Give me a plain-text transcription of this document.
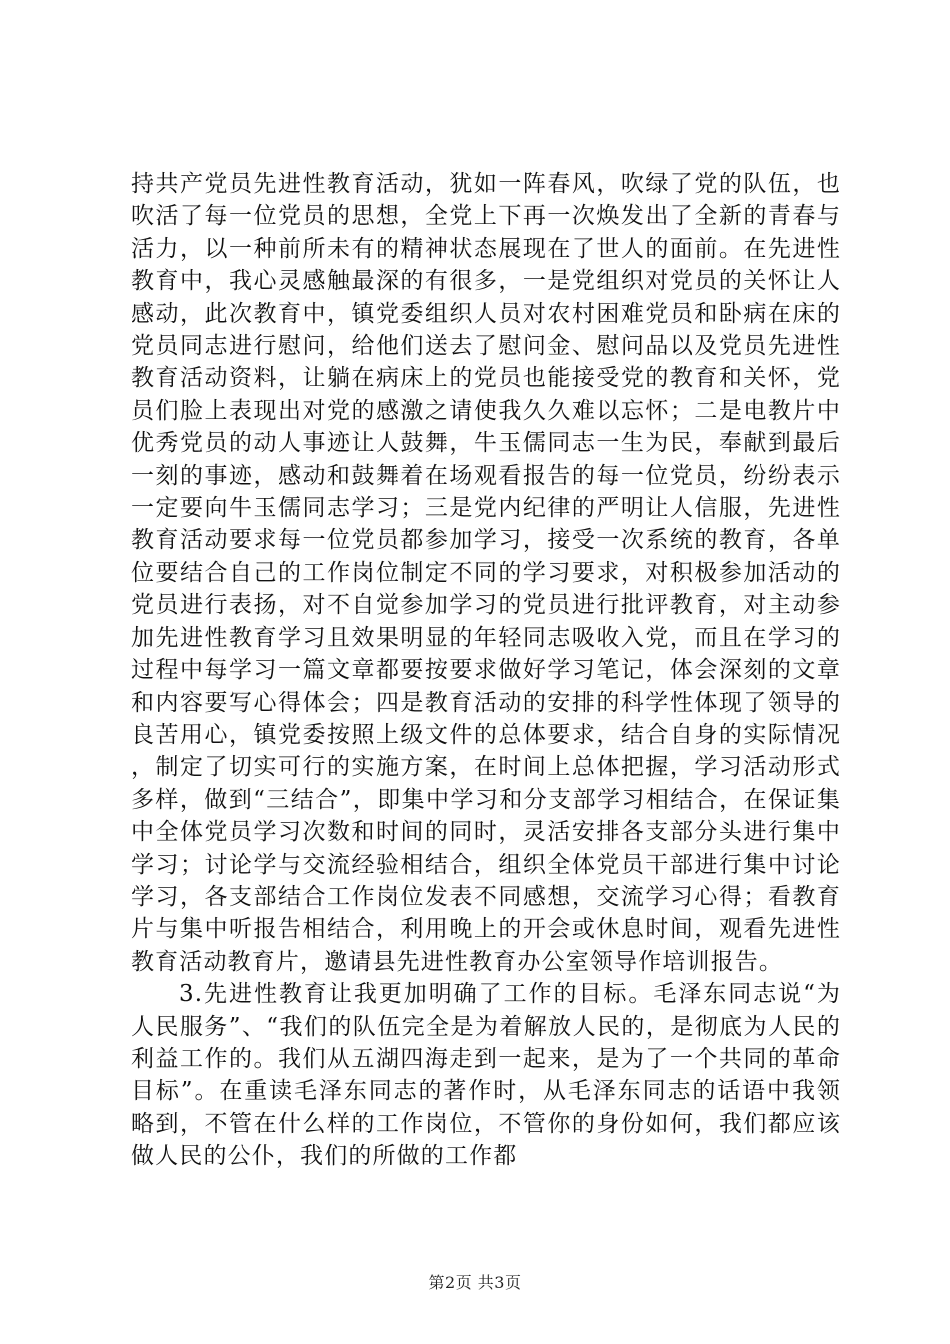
持共产党员先进性教育活动，犹如一阵春风，吹绿了党的队伍，也吹活了每一位党员的思想，全党上下再一次焕发出了全新的青春与活力，以一种前所未有的精神状态展现在了世人的面前。在先进性教育中，我心灵感触最深的有很多，一是党组织对党员的关怀让人感动，此次教育中，镇党委组织人员对农村困难党员和卧病在床的党员同志进行慰问，给他们送去了慰问金、慰问品以及党员先进性教育活动资料，让躺在病床上的党员也能接受党的教育和关怀，党员们脸上表现出对党的感激之请使我久久难以忘怀；二是电教片中优秀党员的动人事迹让人鼓舞，牛玉儒同志一生为民，奉献到最后一刻的事迹，感动和鼓舞着在场观看报告的每一位党员，纷纷表示一定要向牛玉儒同志学习；三是党内纪律的严明让人信服，先进性教育活动要求每一位党员都参加学习，接受一次系统的教育，各单位要结合自己的工作岗位制定不同的学习要求，对积极参加活动的党员进行表扬，对不自觉参加学习的党员进行批评教育，对主动参加先进性教育学习且效果明显的年轻同志吸收入党，而且在学习的过程中每学习一篇文章都要按要求做好学习笔记，体会深刻的文章和内容要写心得体会；四是教育活动的安排的科学性体现了领导的良苦用心，镇党委按照上级文件的总体要求，结合自身的实际情况，制定了切实可行的实施方案，在时间上总体把握，学习活动形式多样，做到“三结合”，即集中学习和分支部学习相结合，在保证集中全体党员学习次数和时间的同时，灵活安排各支部分头进行集中学习；讨论学与交流经验相结合，组织全体党员干部进行集中讨论学习，各支部结合工作岗位发表不同感想，交流学习心得；看教育片与集中听报告相结合，利用晚上的开会或休息时间，观看先进性教育活动教育片，邀请县先进性教育办公室领导作培训报告。

3.先进性教育让我更加明确了工作的目标。毛泽东同志说“为人民服务”、“我们的队伍完全是为着解放人民的，是彻底为人民的利益工作的。我们从五湖四海走到一起来，是为了一个共同的革命目标”。在重读毛泽东同志的著作时，从毛泽东同志的话语中我领略到，不管在什么样的工作岗位，不管你的身份如何，我们都应该做人民的公仆，我们的所做的工作都

第2页 共3页
